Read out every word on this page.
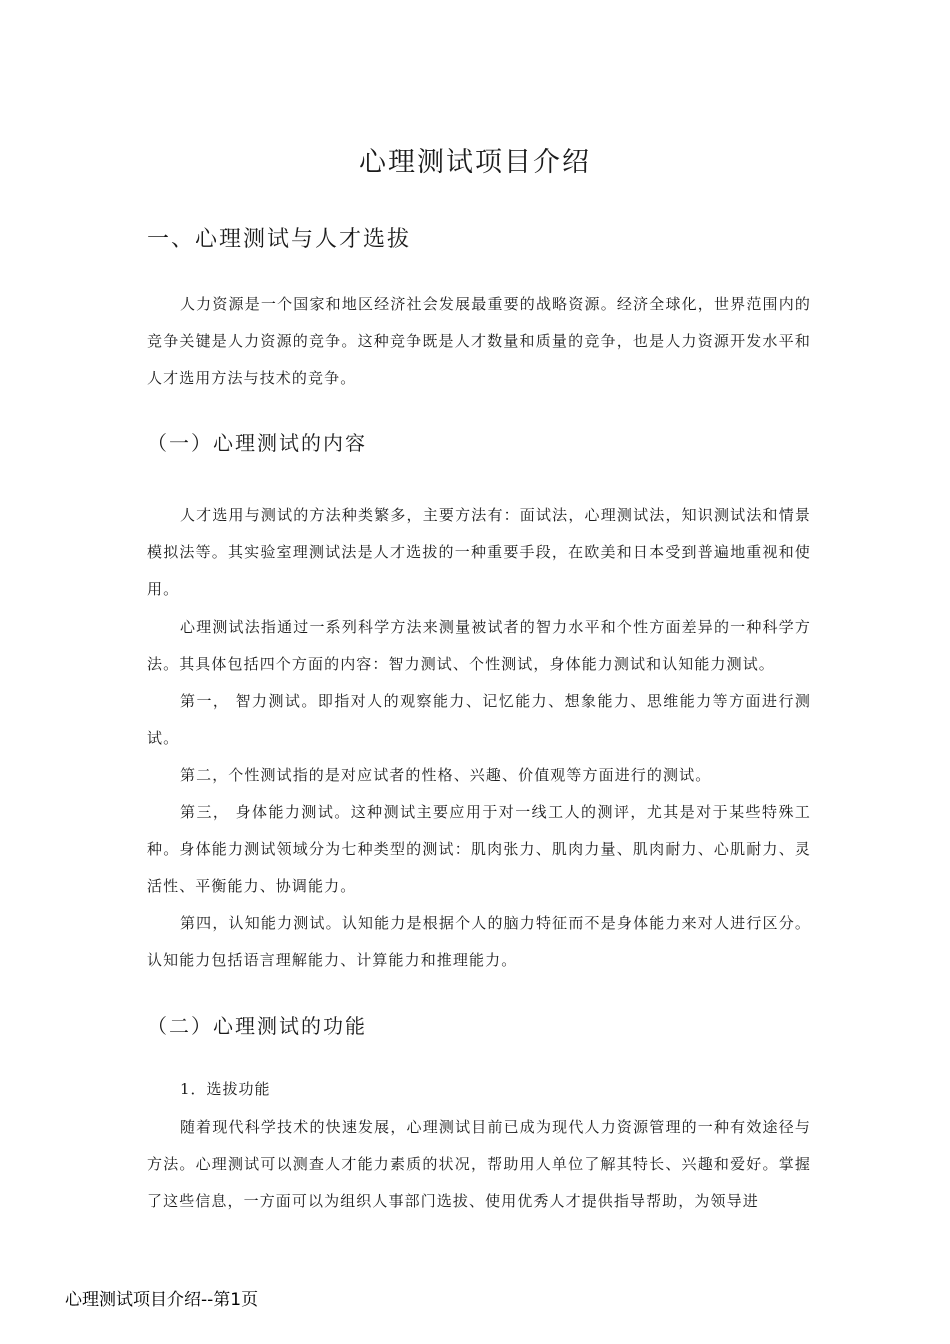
心理测试项目介绍
一、心理测试与人才选拔

人力资源是一个国家和地区经济社会发展最重要的战略资源。经济全球化，世界范围内的竞争关键是人力资源的竞争。这种竞争既是人才数量和质量的竞争，也是人力资源开发水平和人才选用方法与技术的竞争。

（一）心理测试的内容

人才选用与测试的方法种类繁多，主要方法有：面试法，心理测试法，知识测试法和情景模拟法等。其实验室理测试法是人才选拔的一种重要手段，在欧美和日本受到普遍地重视和使用。

心理测试法指通过一系列科学方法来测量被试者的智力水平和个性方面差异的一种科学方法。其具体包括四个方面的内容：智力测试、个性测试，身体能力测试和认知能力测试。

第一， 智力测试。即指对人的观察能力、记忆能力、想象能力、思维能力等方面进行测试。

第二，个性测试指的是对应试者的性格、兴趣、价值观等方面进行的测试。

第三， 身体能力测试。这种测试主要应用于对一线工人的测评，尤其是对于某些特殊工种。身体能力测试领域分为七种类型的测试：肌肉张力、肌肉力量、肌肉耐力、心肌耐力、灵活性、平衡能力、协调能力。

第四，认知能力测试。认知能力是根据个人的脑力特征而不是身体能力来对人进行区分。认知能力包括语言理解能力、计算能力和推理能力。

（二）心理测试的功能
1．选拔功能

随着现代科学技术的快速发展，心理测试目前已成为现代人力资源管理的一种有效途径与方法。心理测试可以测查人才能力素质的状况，帮助用人单位了解其特长、兴趣和爱好。掌握了这些信息，一方面可以为组织人事部门选拔、使用优秀人才提供指导帮助，为领导进

心理测试项目介绍--第1页
